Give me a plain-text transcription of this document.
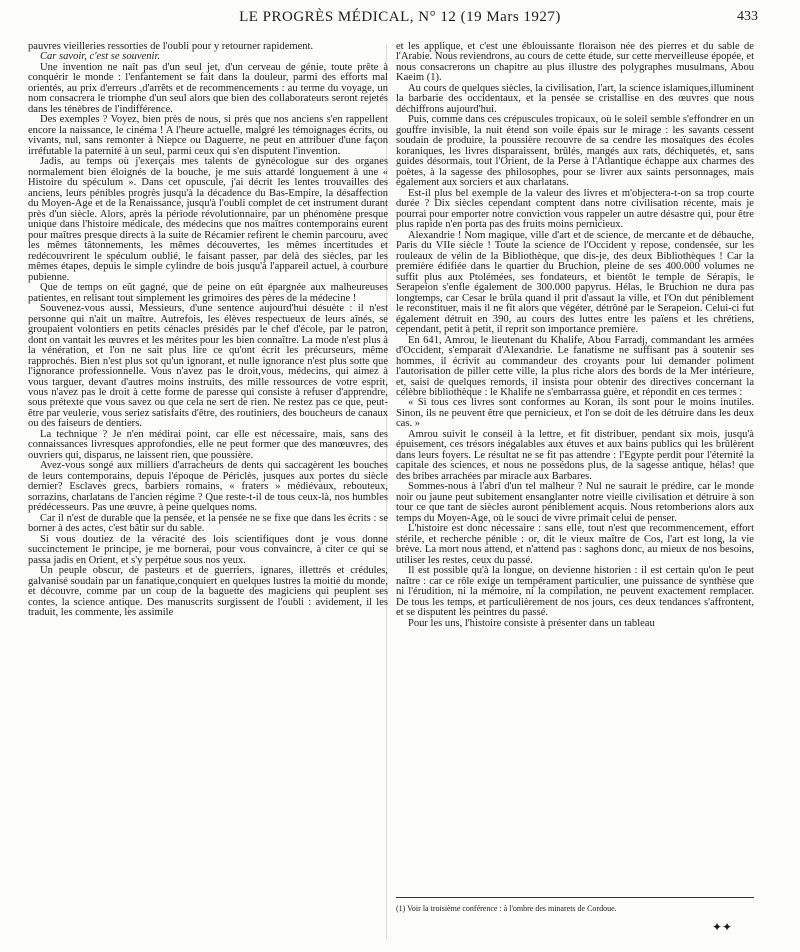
LE PROGRÈS MÉDICAL, N° 12 (19 Mars 1927)	433

pauvres vieilleries ressorties de l'oubli pour y retourner rapidement.

Car savoir, c'est se souvenir.

Une invention ne naît pas d'un seul jet, d'un cerveau de génie, toute prête à conquérir le monde : l'enfantement se fait dans la douleur, parmi des efforts mal orientés, au prix d'erreurs ,d'arrêts et de recommencements : au terme du voyage, un nom consacrera le triomphe d'un seul alors que bien des collaborateurs seront rejetés dans les ténèbres de l'indifférence.

Des exemples ? Voyez, bien près de nous, si près que nos anciens s'en rappellent encore la naissance, le cinéma ! A l'heure actuelle, malgré les témoignages écrits, ou vivants, nul, sans remonter à Niepce ou Daguerre, ne peut en attribuer d'une façon irréfutable la paternité à un seul, parmi ceux qui s'en disputent l'invention.

Jadis, au temps où j'exerçais mes talents de gynécologue sur des organes normalement bien éloignés de la bouche, je me suis attardé longuement à une « Histoire du spéculum ». Dans cet opuscule, j'ai décrit les lentes trouvailles des anciens, leurs pénibles progrès jusqu'à la décadence du Bas-Empire, la désaffection du Moyen-Age et de la Renaissance, jusqu'à l'oubli complet de cet instrument durant près d'un siècle. Alors, après la période révolutionnaire, par un phénomène presque unique dans l'histoire médicale, des médecins que nos maîtres contemporains eurent pour maîtres presque directs à la suite de Récamier refirent le chemin parcouru, avec les mêmes tâtonnements, les mêmes découvertes, les mêmes incertitudes et redécouvrirent le spéculum oublié, le faisant passer, par delà des siècles, par les mêmes étapes, depuis le simple cylindre de bois jusqu'à l'appareil actuel, à courbure pubienne.

Que de temps on eût gagné, que de peine on eût épargnée aux malheureuses patientes, en relisant tout simplement les grimoires des pères de la médecine !

Souvenez-vous aussi, Messieurs, d'une sentence aujourd'hui désuète : il n'est personne qui n'ait un maître. Autrefois, les élèves respectueux de leurs aînés, se groupaient volontiers en petits cénacles présidés par le chef d'école, par le patron, dont on vantait les œuvres et les mérites pour les bien connaître. La mode n'est plus à la vénération, et l'on ne sait plus lire ce qu'ont écrit les précurseurs, même rapprochés. Bien n'est plus sot qu'un ignorant, et nulle ignorance n'est plus sotte que l'ignorance professionnelle. Vous n'avez pas le droit,vous, médecins, qui aimez à vous targuer, devant d'autres moins instruits, des mille ressources de votre esprit, vous n'avez pas le droit à cette forme de paresse qui consiste à refuser d'apprendre, sous prétexte que vous savez ou que cela ne sert de rien. Ne restez pas ce que, peut-être par veulerie, vous seriez satisfaits d'être, des routiniers, des boucheurs de canaux ou des faiseurs de dentiers.

La technique ? Je n'en médirai point, car elle est nécessaire, mais, sans des connaissances livresques approfondies, elle ne peut former que des manœuvres, des ouvriers qui, disparus, ne laissent rien, que poussière.

Avez-vous songé aux milliers d'arracheurs de dents qui saccagèrent les bouches de leurs contemporains, depuis l'époque de Périclès, jusques aux portes du siècle dernier? Esclaves grecs, barbiers romains, « fraters » médiévaux, rebouteux, sorrazins, charlatans de l'ancien régime ? Que reste-t-il de tous ceux-là, nos humbles prédécesseurs. Pas une œuvre, à peine quelques noms.

Car il n'est de durable que la pensée, et la pensée ne se fixe que dans les écrits : se borner à des actes, c'est bâtir sur du sable.

Si vous doutiez de la véracité des lois scientifiques dont je vous donne succinctement le principe, je me bornerai, pour vous convaincre, à citer ce qui se passa jadis en Orient, et s'y perpétue sous nos yeux.

Un peuple obscur, de pasteurs et de guerriers, ignares, illettrés et crédules, galvanisé soudain par un fanatique,conquiert en quelques lustres la moitié du monde, et découvre, comme par un coup de la baguette des magiciens qui peuplent ses contes, la science antique. Des manuscrits surgissent de l'oubli : avidement, il les traduit, les commente, les assimile

et les applique, et c'est une éblouissante floraison née des pierres et du sable de l'Arabie. Nous reviendrons, au cours de cette étude, sur cette merveilleuse épopée, et nous consacrerons un chapitre au plus illustre des polygraphes musulmans, Abou Kaeim (1).

Au cours de quelques siècles, la civilisation, l'art, la science islamiques,illuminent la barbarie des occidentaux, et la pensée se cristallise en des œuvres que nous déchiffrons aujourd'hui.

Puis, comme dans ces crépuscules tropicaux, où le soleil semble s'effondrer en un gouffre invisible, la nuit étend son voile épais sur le mirage : les savants cessent soudain de produire, la poussière recouvre de sa cendre les mosaïques des écoles koraniques, les livres disparaissent, brûlés, mangés aux rats, déchiquetés, et, sans guides désormais, tout l'Orient, de la Perse à l'Atlantique échappe aux charmes des poètes, à la sagesse des philosophes, pour se livrer aux saints personnages, mais également aux sorciers et aux charlatans.

Est-il plus bel exemple de la valeur des livres et m'objectera-t-on sa trop courte durée ? Dix siècles cependant comptent dans notre civilisation récente, mais je pourrai pour emporter notre conviction vous rappeler un autre désastre qui, pour être plus rapide n'en porta pas des fruits moins pernicieux.

Alexandrie ! Nom magique, ville d'art et de science, de mercante et de débauche, Paris du VIIe siècle ! Toute la science de l'Occident y repose, condensée, sur les rouleaux de vélin de la Bibliothèque, que dis-je, des deux Bibliothèques ! Car la première édifiée dans le quartier du Bruchion, pleine de ses 400.000 volumes ne suffit plus aux Ptolémées, ses fondateurs, et bientôt le temple de Sérapis, le Serapeion s'enfle également de 300.000 papyrus. Hélas, le Bruchion ne dura pas longtemps, car Cesar le brûla quand il prit d'assaut la ville, et l'On dut péniblement le reconstituer, mais il ne fit alors que végéter, détrôné par le Serapeion. Celui-ci fut également détruit en 390, au cours des luttes entre les païens et les chrétiens, cependant, petit à petit, il reprit son importance première.

En 641, Amrou, le lieutenant du Khalife, Abou Farradj, commandant les armées d'Occident, s'emparait d'Alexandrie. Le fanatisme ne suffisant pas à soutenir ses hommes, il écrivit au commandeur des croyants pour lui demander poliment l'autorisation de piller cette ville, la plus riche alors des bords de la Mer intérieure, et, saisi de quelques remords, il insista pour obtenir des directives concernant la célèbre bibliothèque : le Khalife ne s'embarrassa guère, et répondit en ces termes :

« Si tous ces livres sont conformes au Koran, ils sont pour le moins inutiles. Sinon, ils ne peuvent être que pernicieux, et l'on se doit de les détruire dans les deux cas. »

Amrou suivit le conseil à la lettre, et fit distribuer, pendant six mois, jusqu'à épuisement, ces trésors inégalables aux étuves et aux bains publics qui les brûlèrent dans leurs foyers. Le résultat ne se fit pas attendre : l'Egypte perdit pour l'éternité la capitale des sciences, et nous ne possédons plus, de la sagesse antique, hélas! que des bribes arrachées par miracle aux Barbares.

Sommes-nous à l'abri d'un tel malheur ? Nul ne saurait le prédire, car le monde noir ou jaune peut subitement ensanglanter notre vieille civilisation et détruire à son tour ce que tant de siècles auront péniblement acquis. Nous retomberions alors aux temps du Moyen-Age, où le souci de vivre primait celui de penser.

L'histoire est donc nécessaire : sans elle, tout n'est que recommencement, effort stérile, et recherche pénible : or, dit le vieux maître de Cos, l'art est long, la vie brève. La mort nous attend, et n'attend pas : saghons donc, au mieux de nos besoins, utiliser les restes, ceux du passé.

Il est possible qu'à la longue, on devienne historien : il est certain qu'on le peut naître : car ce rôle exige un tempérament particulier, une puissance de synthèse que ni l'érudition, ni la mémoire, ni la compilation, ne peuvent exactement remplacer. De tous les temps, et particulièrement de nos jours, ces deux tendances s'affrontent, et se disputent les peintres du passé.

Pour les uns, l'histoire consiste à présenter dans un tableau

(1) Voir la troisième conférence : à l'ombre des minarets de Cordoue.
✦✦
